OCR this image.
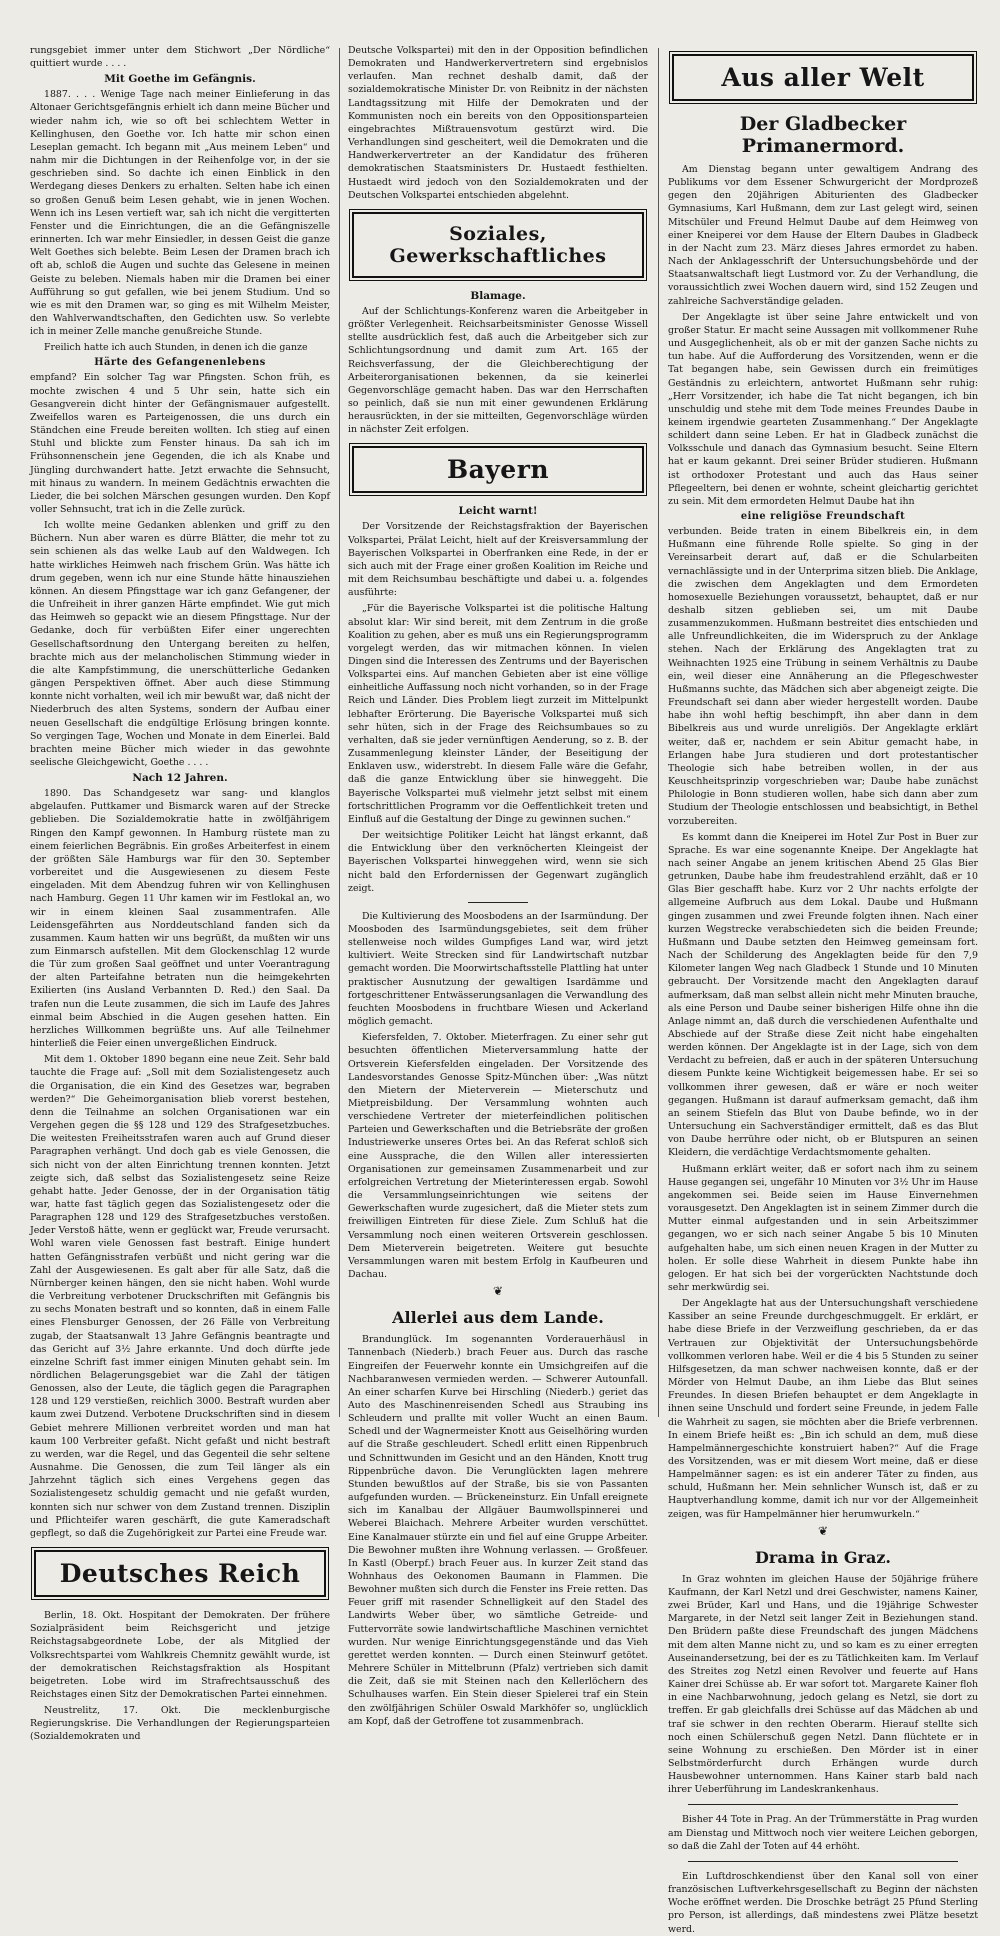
rungsgebiet immer unter dem Stichwort „Der Nördliche“ quittiert wurde . . . .

Mit Goethe im Gefängnis.

1887. . . . Wenige Tage nach meiner Einlieferung in das Altonaer Gerichtsgefängnis erhielt ich dann meine Bücher und wieder nahm ich, wie so oft bei schlechtem Wetter in Kellinghusen, den Goethe vor. Ich hatte mir schon einen Leseplan gemacht. Ich begann mit „Aus meinem Leben“ und nahm mir die Dichtungen in der Reihenfolge vor, in der sie geschrieben sind. So dachte ich einen Einblick in den Werdegang dieses Denkers zu erhalten. Selten habe ich einen so großen Genuß beim Lesen gehabt, wie in jenen Wochen. Wenn ich ins Lesen vertieft war, sah ich nicht die vergitterten Fenster und die Einrichtungen, die an die Gefängniszelle erinnerten. Ich war mehr Einsiedler, in dessen Geist die ganze Welt Goethes sich belebte. Beim Lesen der Dramen brach ich oft ab, schloß die Augen und suchte das Gelesene in meinen Geiste zu beleben. Niemals haben mir die Dramen bei einer Aufführung so gut gefallen, wie bei jenem Studium. Und so wie es mit den Dramen war, so ging es mit Wilhelm Meister, den Wahlverwandtschaften, den Gedichten usw. So verlebte ich in meiner Zelle manche genußreiche Stunde.

Freilich hatte ich auch Stunden, in denen ich die ganze

Härte des Gefangenenlebens

empfand? Ein solcher Tag war Pfingsten. Schon früh, es mochte zwischen 4 und 5 Uhr sein, hatte sich ein Gesangverein dicht hinter der Gefängnismauer aufgestellt. Zweifellos waren es Parteigenossen, die uns durch ein Ständchen eine Freude bereiten wollten. Ich stieg auf einen Stuhl und blickte zum Fenster hinaus. Da sah ich im Frühsonnenschein jene Gegenden, die ich als Knabe und Jüngling durchwandert hatte. Jetzt erwachte die Sehnsucht, mit hinaus zu wandern. In meinem Gedächtnis erwachten die Lieder, die bei solchen Märschen gesungen wurden. Den Kopf voller Sehnsucht, trat ich in die Zelle zurück.

Ich wollte meine Gedanken ablenken und griff zu den Büchern. Nun aber waren es dürre Blätter, die mehr tot zu sein schienen als das welke Laub auf den Waldwegen. Ich hatte wirkliches Heimweh nach frischem Grün. Was hätte ich drum gegeben, wenn ich nur eine Stunde hätte hinausziehen können. An diesem Pfingsttage war ich ganz Gefangener, der die Unfreiheit in ihrer ganzen Härte empfindet. Wie gut mich das Heimweh so gepackt wie an diesem Pfingsttage. Nur der Gedanke, doch für verbüßten Eifer einer ungerechten Gesellschaftsordnung den Untergang bereiten zu helfen, brachte mich aus der melancholischen Stimmung wieder in die alte Kampfstimmung, die unerschütterliche Gedanken gängen Perspektiven öffnet. Aber auch diese Stimmung konnte nicht vorhalten, weil ich mir bewußt war, daß nicht der Niederbruch des alten Systems, sondern der Aufbau einer neuen Gesellschaft die endgültige Erlösung bringen konnte. So vergingen Tage, Wochen und Monate in dem Einerlei. Bald brachten meine Bücher mich wieder in das gewohnte seelische Gleichgewicht, Goethe . . . .

Nach 12 Jahren.

1890. Das Schandgesetz war sang- und klanglos abgelaufen. Puttkamer und Bismarck waren auf der Strecke geblieben. Die Sozialdemokratie hatte in zwölfjährigem Ringen den Kampf gewonnen. In Hamburg rüstete man zu einem feierlichen Begräbnis. Ein großes Arbeiterfest in einem der größten Säle Hamburgs war für den 30. September vorbereitet und die Ausgewiesenen zu diesem Feste eingeladen. Mit dem Abendzug fuhren wir von Kellinghusen nach Hamburg. Gegen 11 Uhr kamen wir im Festlokal an, wo wir in einem kleinen Saal zusammentrafen. Alle Leidensgefährten aus Norddeutschland fanden sich da zusammen. Kaum hatten wir uns begrüßt, da mußten wir uns zum Einmarsch aufstellen. Mit dem Glockenschlag 12 wurde die Tür zum großen Saal geöffnet und unter Voerantragung der alten Parteifahne betraten nun die heimgekehrten Exilierten (ins Ausland Verbannten D. Red.) den Saal. Da trafen nun die Leute zusammen, die sich im Laufe des Jahres einmal beim Abschied in die Augen gesehen hatten. Ein herzliches Willkommen begrüßte uns. Auf alle Teilnehmer hinterließ die Feier einen unvergeßlichen Eindruck.

Mit dem 1. Oktober 1890 begann eine neue Zeit. Sehr bald tauchte die Frage auf: „Soll mit dem Sozialistengesetz auch die Organisation, die ein Kind des Gesetzes war, begraben werden?“ Die Geheimorganisation blieb vorerst bestehen, denn die Teilnahme an solchen Organisationen war ein Vergehen gegen die §§ 128 und 129 des Strafgesetzbuches. Die weitesten Freiheitsstrafen waren auch auf Grund dieser Paragraphen verhängt. Und doch gab es viele Genossen, die sich nicht von der alten Einrichtung trennen konnten. Jetzt zeigte sich, daß selbst das Sozialistengesetz seine Reize gehabt hatte. Jeder Genosse, der in der Organisation tätig war, hatte fast täglich gegen das Sozialistengesetz oder die Paragraphen 128 und 129 des Strafgesetzbuches verstoßen. Jeder Verstoß hätte, wenn er geglückt war, Freude verursacht. Wohl waren viele Genossen fast bestraft. Einige hundert hatten Gefängnisstrafen verbüßt und nicht gering war die Zahl der Ausgewiesenen. Es galt aber für alle Satz, daß die Nürnberger keinen hängen, den sie nicht haben. Wohl wurde die Verbreitung verbotener Druckschriften mit Gefängnis bis zu sechs Monaten bestraft und so konnten, daß in einem Falle eines Flensburger Genossen, der 26 Fälle von Verbreitung zugab, der Staatsanwalt 13 Jahre Gefängnis beantragte und das Gericht auf 3½ Jahre erkannte. Und doch dürfte jede einzelne Schrift fast immer einigen Minuten gehabt sein. Im nördlichen Belagerungsgebiet war die Zahl der tätigen Genossen, also der Leute, die täglich gegen die Paragraphen 128 und 129 verstießen, reichlich 3000. Bestraft wurden aber kaum zwei Dutzend. Verbotene Druckschriften sind in diesem Gebiet mehrere Millionen verbreitet worden und man hat kaum 100 Verbreiter gefaßt. Nicht gefaßt und nicht bestraft zu werden, war die Regel, und das Gegenteil die sehr seltene Ausnahme. Die Genossen, die zum Teil länger als ein Jahrzehnt täglich sich eines Vergehens gegen das Sozialistengesetz schuldig gemacht und nie gefaßt wurden, konnten sich nur schwer von dem Zustand trennen. Disziplin und Pflichteifer waren geschärft, die gute Kameradschaft gepflegt, so daß die Zugehörigkeit zur Partei eine Freude war.

Deutsches Reich

Berlin, 18. Okt. Hospitant der Demokraten. Der frühere Sozialpräsident beim Reichsgericht und jetzige Reichstagsabgeordnete Lobe, der als Mitglied der Volksrechtspartei vom Wahlkreis Chemnitz gewählt wurde, ist der demokratischen Reichstagsfraktion als Hospitant beigetreten. Lobe wird im Strafrechtsausschuß des Reichstages einen Sitz der Demokratischen Partei einnehmen.

Neustrelitz, 17. Okt. Die mecklenburgische Regierungskrise. Die Verhandlungen der Regierungsparteien (Sozialdemokraten und

Deutsche Volkspartei) mit den in der Opposition befindlichen Demokraten und Handwerkervertretern sind ergebnislos verlaufen. Man rechnet deshalb damit, daß der sozialdemokratische Minister Dr. von Reibnitz in der nächsten Landtagssitzung mit Hilfe der Demokraten und der Kommunisten noch ein bereits von den Oppositionsparteien eingebrachtes Mißtrauensvotum gestürzt wird. Die Verhandlungen sind gescheitert, weil die Demokraten und die Handwerkervertreter an der Kandidatur des früheren demokratischen Staatsministers Dr. Hustaedt festhielten. Hustaedt wird jedoch von den Sozialdemokraten und der Deutschen Volkspartei entschieden abgelehnt.

Soziales, Gewerkschaftliches
Blamage.

Auf der Schlichtungs-Konferenz waren die Arbeitgeber in größter Verlegenheit. Reichsarbeitsminister Genosse Wissell stellte ausdrücklich fest, daß auch die Arbeitgeber sich zur Schlichtungsordnung und damit zum Art. 165 der Reichsverfassung, der die Gleichberechtigung der Arbeiterorganisationen bekennen, da sie keinerlei Gegenvorschläge gemacht haben. Das war den Herrschaften so peinlich, daß sie nun mit einer gewundenen Erklärung herausrückten, in der sie mitteilten, Gegenvorschläge würden in nächster Zeit erfolgen.

Bayern
Leicht warnt!

Der Vorsitzende der Reichstagsfraktion der Bayerischen Volkspartei, Prälat Leicht, hielt auf der Kreisversammlung der Bayerischen Volkspartei in Oberfranken eine Rede, in der er sich auch mit der Frage einer großen Koalition im Reiche und mit dem Reichsumbau beschäftigte und dabei u. a. folgendes ausführte:

„Für die Bayerische Volkspartei ist die politische Haltung absolut klar: Wir sind bereit, mit dem Zentrum in die große Koalition zu gehen, aber es muß uns ein Regierungsprogramm vorgelegt werden, das wir mitmachen können. In vielen Dingen sind die Interessen des Zentrums und der Bayerischen Volkspartei eins. Auf manchen Gebieten aber ist eine völlige einheitliche Auffassung noch nicht vorhanden, so in der Frage Reich und Länder. Dies Problem liegt zurzeit im Mittelpunkt lebhafter Erörterung. Die Bayerische Volkspartei muß sich sehr hüten, sich in der Frage des Reichsumbaues so zu verhalten, daß sie jeder vernünftigen Aenderung, so z. B. der Zusammenlegung kleinster Länder, der Beseitigung der Enklaven usw., widerstrebt. In diesem Falle wäre die Gefahr, daß die ganze Entwicklung über sie hinweggeht. Die Bayerische Volkspartei muß vielmehr jetzt selbst mit einem fortschrittlichen Programm vor die Oeffentlichkeit treten und Einfluß auf die Gestaltung der Dinge zu gewinnen suchen.“

Der weitsichtige Politiker Leicht hat längst erkannt, daß die Entwicklung über den verknöcherten Kleingeist der Bayerischen Volkspartei hinweggehen wird, wenn sie sich nicht bald den Erfordernissen der Gegenwart zugänglich zeigt.

Die Kultivierung des Moosbodens an der Isarmündung. Der Moosboden des Isarmündungsgebietes, seit dem früher stellenweise noch wildes Gumpfiges Land war, wird jetzt kultiviert. Weite Strecken sind für Landwirtschaft nutzbar gemacht worden. Die Moorwirtschaftsstelle Plattling hat unter praktischer Ausnutzung der gewaltigen Isardämme und fortgeschrittener Entwässerungsanlagen die Verwandlung des feuchten Moosbodens in fruchtbare Wiesen und Ackerland möglich gemacht.

Kiefersfelden, 7. Oktober. Mieterfragen. Zu einer sehr gut besuchten öffentlichen Mieterversammlung hatte der Ortsverein Kiefersfelden eingeladen. Der Vorsitzende des Landesvorstandes Genosse Spitz-München über: „Was nützt den Mietern der Mieterverein — Mieterschutz und Mietpreisbildung. Der Versammlung wohnten auch verschiedene Vertreter der mieterfeindlichen politischen Parteien und Gewerkschaften und die Betriebsräte der großen Industriewerke unseres Ortes bei. An das Referat schloß sich eine Aussprache, die den Willen aller interessierten Organisationen zur gemeinsamen Zusammenarbeit und zur erfolgreichen Vertretung der Mieterinteressen ergab. Sowohl die Versammlungseinrichtungen wie seitens der Gewerkschaften wurde zugesichert, daß die Mieter stets zum freiwilligen Eintreten für diese Ziele. Zum Schluß hat die Versammlung noch einen weiteren Ortsverein geschlossen. Dem Mieterverein beigetreten. Weitere gut besuchte Versammlungen waren mit bestem Erfolg in Kaufbeuren und Dachau.

❦
Allerlei aus dem Lande.

Brandunglück. Im sogenannten Vorderauerhäusl in Tannenbach (Niederb.) brach Feuer aus. Durch das rasche Eingreifen der Feuerwehr konnte ein Umsichgreifen auf die Nachbaranwesen vermieden werden. — Schwerer Autounfall. An einer scharfen Kurve bei Hirschling (Niederb.) geriet das Auto des Maschinenreisenden Schedl aus Straubing ins Schleudern und prallte mit voller Wucht an einen Baum. Schedl und der Wagnermeister Knott aus Geiselhöring wurden auf die Straße geschleudert. Schedl erlitt einen Rippenbruch und Schnittwunden im Gesicht und an den Händen, Knott trug Rippenbrüche davon. Die Verunglückten lagen mehrere Stunden bewußtlos auf der Straße, bis sie von Passanten aufgefunden wurden. — Brückeneinsturz. Ein Unfall ereignete sich im Kanalbau der Allgäuer Baumwollspinnerei und Weberei Blaichach. Mehrere Arbeiter wurden verschüttet. Eine Kanalmauer stürzte ein und fiel auf eine Gruppe Arbeiter. Die Bewohner mußten ihre Wohnung verlassen. — Großfeuer. In Kastl (Oberpf.) brach Feuer aus. In kurzer Zeit stand das Wohnhaus des Oekonomen Baumann in Flammen. Die Bewohner mußten sich durch die Fenster ins Freie retten. Das Feuer griff mit rasender Schnelligkeit auf den Stadel des Landwirts Weber über, wo sämtliche Getreide- und Futtervorräte sowie landwirtschaftliche Maschinen vernichtet wurden. Nur wenige Einrichtungsgegenstände und das Vieh gerettet werden konnten. — Durch einen Steinwurf getötet. Mehrere Schüler in Mittelbrunn (Pfalz) vertrieben sich damit die Zeit, daß sie mit Steinen nach den Kellerlöchern des Schulhauses warfen. Ein Stein dieser Spielerei traf ein Stein den zwölfjährigen Schüler Oswald Markhöfer so, unglücklich am Kopf, daß der Getroffene tot zusammenbrach.

Aus aller Welt
Der Gladbecker Primanermord.

Am Dienstag begann unter gewaltigem Andrang des Publikums vor dem Essener Schwurgericht der Mordprozeß gegen den 20jährigen Abiturienten des Gladbecker Gymnasiums, Karl Hußmann, dem zur Last gelegt wird, seinen Mitschüler und Freund Helmut Daube auf dem Heimweg von einer Kneiperei vor dem Hause der Eltern Daubes in Gladbeck in der Nacht zum 23. März dieses Jahres ermordet zu haben. Nach der Anklagesschrift der Untersuchungsbehörde und der Staatsanwaltschaft liegt Lustmord vor. Zu der Verhandlung, die voraussichtlich zwei Wochen dauern wird, sind 152 Zeugen und zahlreiche Sachverständige geladen.

Der Angeklagte ist über seine Jahre entwickelt und von großer Statur. Er macht seine Aussagen mit vollkommener Ruhe und Ausgeglichenheit, als ob er mit der ganzen Sache nichts zu tun habe. Auf die Aufforderung des Vorsitzenden, wenn er die Tat begangen habe, sein Gewissen durch ein freimütiges Geständnis zu erleichtern, antwortet Hußmann sehr ruhig: „Herr Vorsitzender, ich habe die Tat nicht begangen, ich bin unschuldig und stehe mit dem Tode meines Freundes Daube in keinem irgendwie gearteten Zusammenhang.“ Der Angeklagte schildert dann seine Leben. Er hat in Gladbeck zunächst die Volksschule und danach das Gymnasium besucht. Seine Eltern hat er kaum gekannt. Drei seiner Brüder studieren. Hußmann ist orthodoxer Protestant und auch das Haus seiner Pflegeeltern, bei denen er wohnte, scheint gleichartig gerichtet zu sein. Mit dem ermordeten Helmut Daube hat ihn

eine religiöse Freundschaft

verbunden. Beide traten in einem Bibelkreis ein, in dem Hußmann eine führende Rolle spielte. So ging in der Vereinsarbeit derart auf, daß er die Schularbeiten vernachlässigte und in der Unterprima sitzen blieb. Die Anklage, die zwischen dem Angeklagten und dem Ermordeten homosexuelle Beziehungen voraussetzt, behauptet, daß er nur deshalb sitzen geblieben sei, um mit Daube zusammenzukommen. Hußmann bestreitet dies entschieden und alle Unfreundlichkeiten, die im Widerspruch zu der Anklage stehen. Nach der Erklärung des Angeklagten trat zu Weihnachten 1925 eine Trübung in seinem Verhältnis zu Daube ein, weil dieser eine Annäherung an die Pflegeschwester Hußmanns suchte, das Mädchen sich aber abgeneigt zeigte. Die Freundschaft sei dann aber wieder hergestellt worden. Daube habe ihn wohl heftig beschimpft, ihn aber dann in dem Bibelkreis aus und wurde unreligiös. Der Angeklagte erklärt weiter, daß er, nachdem er sein Abitur gemacht habe, in Erlangen habe Jura studieren und dort protestantischer Theologie sich habe betreiben wollen, in der aus Keuschheitsprinzip vorgeschrieben war; Daube habe zunächst Philologie in Bonn studieren wollen, habe sich dann aber zum Studium der Theologie entschlossen und beabsichtigt, in Bethel vorzubereiten.

Es kommt dann die Kneiperei im Hotel Zur Post in Buer zur Sprache. Es war eine sogenannte Kneipe. Der Angeklagte hat nach seiner Angabe an jenem kritischen Abend 25 Glas Bier getrunken, Daube habe ihm freudestrahlend erzählt, daß er 10 Glas Bier geschafft habe. Kurz vor 2 Uhr nachts erfolgte der allgemeine Aufbruch aus dem Lokal. Daube und Hußmann gingen zusammen und zwei Freunde folgten ihnen. Nach einer kurzen Wegstrecke verabschiedeten sich die beiden Freunde; Hußmann und Daube setzten den Heimweg gemeinsam fort. Nach der Schilderung des Angeklagten beide für den 7,9 Kilometer langen Weg nach Gladbeck 1 Stunde und 10 Minuten gebraucht. Der Vorsitzende macht den Angeklagten darauf aufmerksam, daß man selbst allein nicht mehr Minuten brauche, als eine Person und Daube seiner bisherigen Hilfe ohne ihn die Anlage nimmt an, daß durch die verschiedenen Aufenthalte und Abschiede auf der Straße diese Zeit nicht habe eingehalten werden können. Der Angeklagte ist in der Lage, sich von dem Verdacht zu befreien, daß er auch in der späteren Untersuchung diesem Punkte keine Wichtigkeit beigemessen habe. Er sei so vollkommen ihrer gewesen, daß er wäre er noch weiter gegangen. Hußmann ist darauf aufmerksam gemacht, daß ihm an seinem Stiefeln das Blut von Daube befinde, wo in der Untersuchung ein Sachverständiger ermittelt, daß es das Blut von Daube herrühre oder nicht, ob er Blutspuren an seinen Kleidern, die verdächtige Verdachtsmomente gehalten.

Hußmann erklärt weiter, daß er sofort nach ihm zu seinem Hause gegangen sei, ungefähr 10 Minuten vor 3½ Uhr im Hause angekommen sei. Beide seien im Hause Einvernehmen vorausgesetzt. Den Angeklagten ist in seinem Zimmer durch die Mutter einmal aufgestanden und in sein Arbeitszimmer gegangen, wo er sich nach seiner Angabe 5 bis 10 Minuten aufgehalten habe, um sich einen neuen Kragen in der Mutter zu holen. Er solle diese Wahrheit in diesem Punkte habe ihn gelogen. Er hat sich bei der vorgerückten Nachtstunde doch sehr merkwürdig sei.

Der Angeklagte hat aus der Untersuchungshaft verschiedene Kassiber an seine Freunde durchgeschmuggelt. Er erklärt, er habe diese Briefe in der Verzweiflung geschrieben, da er das Vertrauen zur Objektivität der Untersuchungsbehörde vollkommen verloren habe. Weil er die 4 bis 5 Stunden zu seiner Hilfsgesetzen, da man schwer nachweisen konnte, daß er der Mörder von Helmut Daube, an ihm Liebe das Blut seines Freundes. In diesen Briefen behauptet er dem Angeklagte in ihnen seine Unschuld und fordert seine Freunde, in jedem Falle die Wahrheit zu sagen, sie möchten aber die Briefe verbrennen. In einem Briefe heißt es: „Bin ich schuld an dem, muß diese Hampelmännergeschichte konstruiert haben?“ Auf die Frage des Vorsitzenden, was er mit diesem Wort meine, daß er diese Hampelmänner sagen: es ist ein anderer Täter zu finden, aus schuld, Hußmann her. Mein sehnlicher Wunsch ist, daß er zu Hauptverhandlung komme, damit ich nur vor der Allgemeinheit zeigen, was für Hampelmänner hier herumwurkeln.“

❦
Drama in Graz.

In Graz wohnten im gleichen Hause der 50jährige frühere Kaufmann, der Karl Netzl und drei Geschwister, namens Kainer, zwei Brüder, Karl und Hans, und die 19jährige Schwester Margarete, in der Netzl seit langer Zeit in Beziehungen stand. Den Brüdern paßte diese Freundschaft des jungen Mädchens mit dem alten Manne nicht zu, und so kam es zu einer erregten Auseinandersetzung, bei der es zu Tätlichkeiten kam. Im Verlauf des Streites zog Netzl einen Revolver und feuerte auf Hans Kainer drei Schüsse ab. Er war sofort tot. Margarete Kainer floh in eine Nachbarwohnung, jedoch gelang es Netzl, sie dort zu treffen. Er gab gleichfalls drei Schüsse auf das Mädchen ab und traf sie schwer in den rechten Oberarm. Hierauf stellte sich noch einen Schülerschuß gegen Netzl. Dann flüchtete er in seine Wohnung zu erschießen. Den Mörder ist in einer Selbstmörderfurcht durch Erhängen wurde durch Hausbewohner unternommen. Hans Kainer starb bald nach ihrer Ueberführung im Landeskrankenhaus.

Bisher 44 Tote in Prag. An der Trümmerstätte in Prag wurden am Dienstag und Mittwoch noch vier weitere Leichen geborgen, so daß die Zahl der Toten auf 44 erhöht.

Ein Luftdroschkendienst über den Kanal soll von einer französischen Luftverkehrsgesellschaft zu Beginn der nächsten Woche eröffnet werden. Die Droschke beträgt 25 Pfund Sterling pro Person, ist allerdings, daß mindestens zwei Plätze besetzt werd.
